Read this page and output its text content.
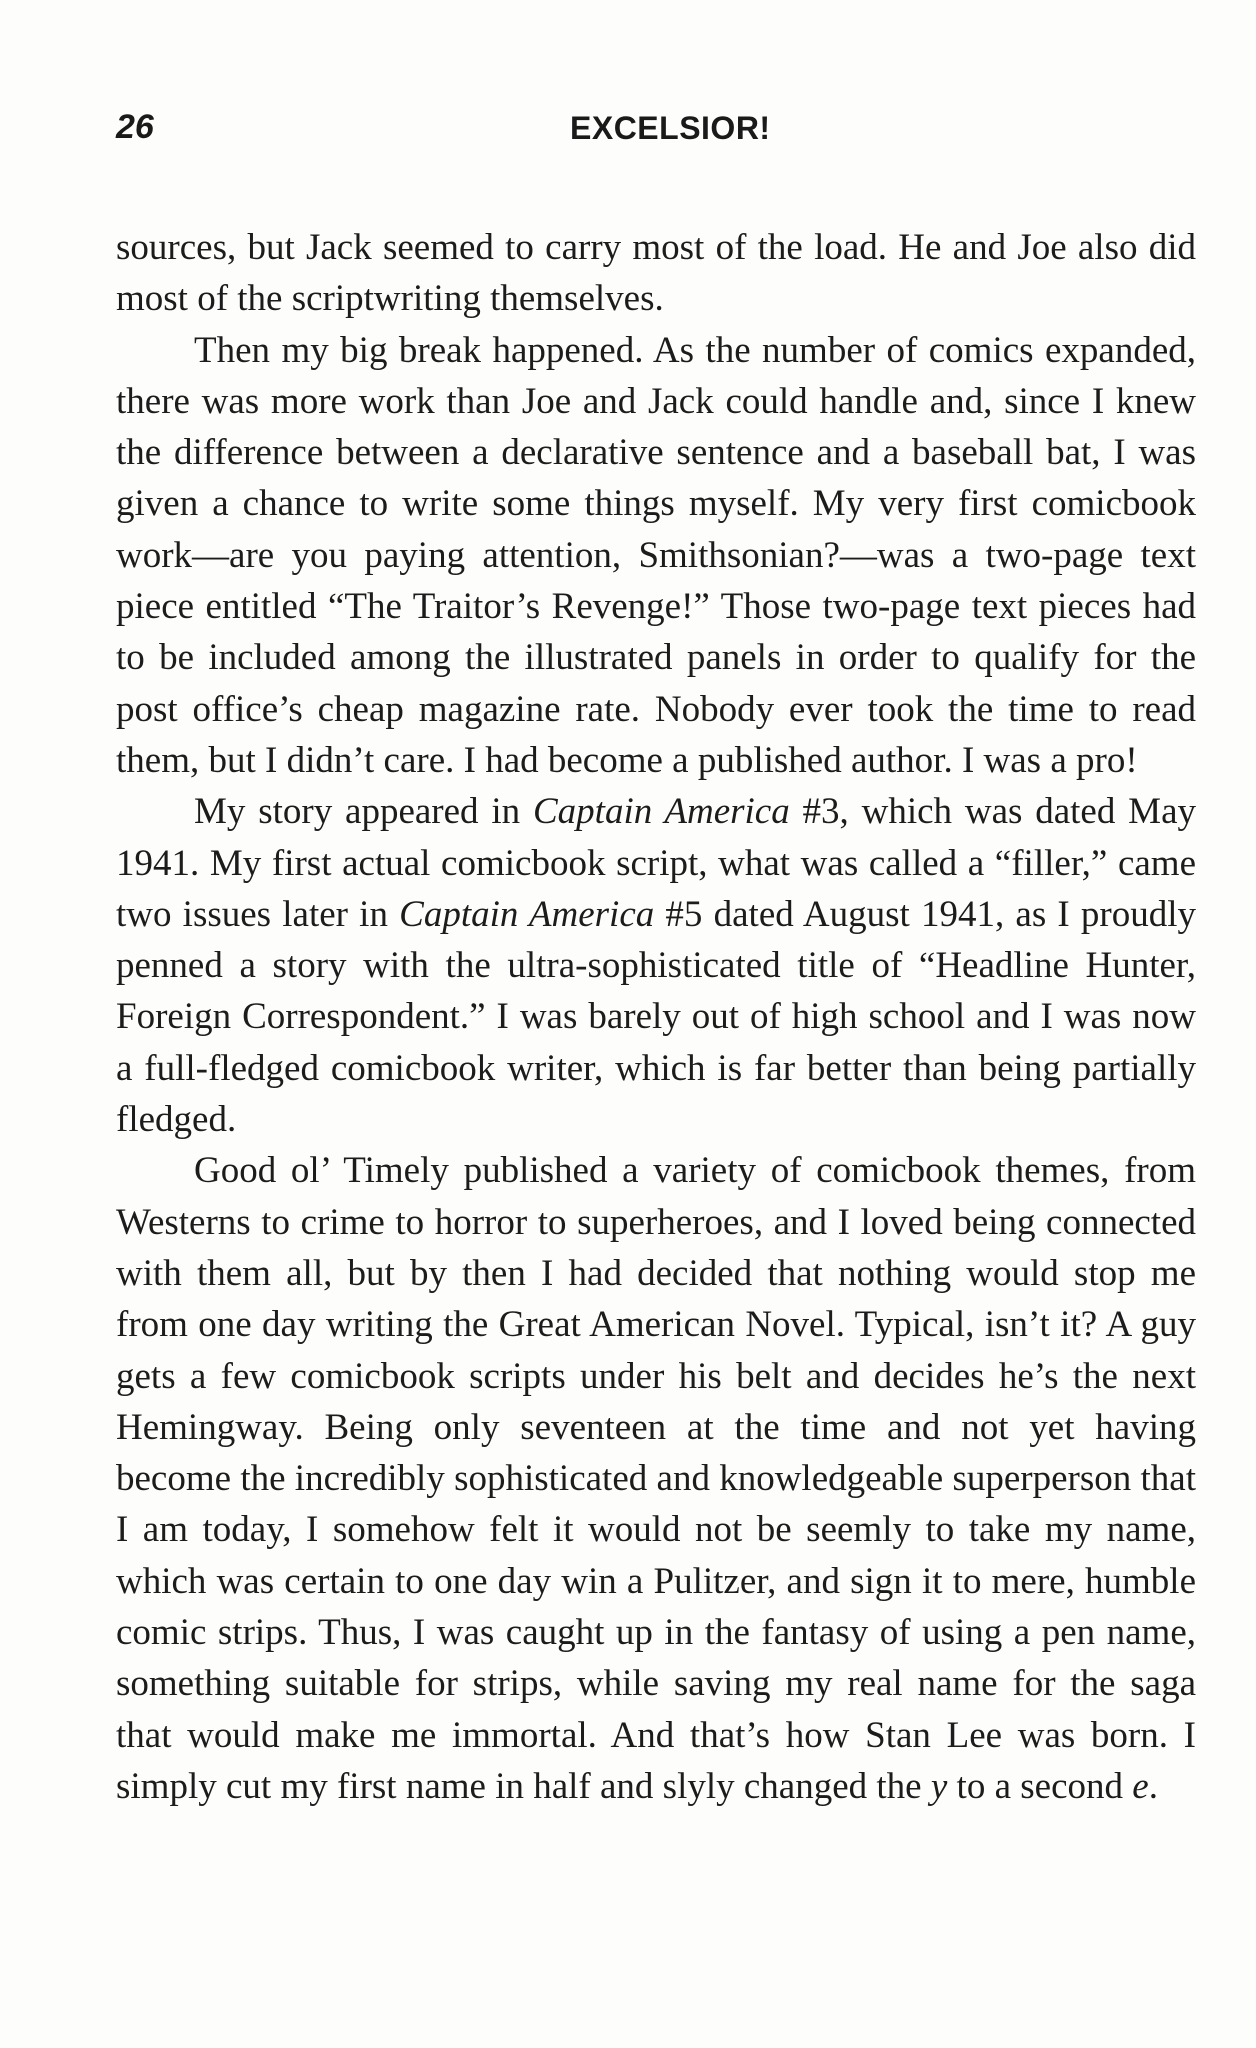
26	EXCELSIOR!

sources, but Jack seemed to carry most of the load. He and Joe also did most of the scriptwriting themselves.

Then my big break happened. As the number of comics expanded, there was more work than Joe and Jack could handle and, since I knew the difference between a declarative sentence and a baseball bat, I was given a chance to write some things myself. My very first comicbook work—are you paying attention, Smithsonian?—was a two-page text piece entitled “The Traitor’s Revenge!” Those two-page text pieces had to be included among the illustrated panels in order to qualify for the post office’s cheap magazine rate. Nobody ever took the time to read them, but I didn’t care. I had become a published author. I was a pro!

My story appeared in Captain America #3, which was dated May 1941. My first actual comicbook script, what was called a “filler,” came two issues later in Captain America #5 dated August 1941, as I proudly penned a story with the ultra-sophisticated title of “Headline Hunter, Foreign Correspondent.” I was barely out of high school and I was now a full-fledged comicbook writer, which is far better than being partially fledged.

Good ol’ Timely published a variety of comicbook themes, from Westerns to crime to horror to superheroes, and I loved being connected with them all, but by then I had decided that nothing would stop me from one day writing the Great American Novel. Typical, isn’t it? A guy gets a few comicbook scripts under his belt and decides he’s the next Hemingway. Being only seventeen at the time and not yet having become the incredibly sophisticated and knowledgeable superperson that I am today, I somehow felt it would not be seemly to take my name, which was certain to one day win a Pulitzer, and sign it to mere, humble comic strips. Thus, I was caught up in the fantasy of using a pen name, something suitable for strips, while saving my real name for the saga that would make me immortal. And that’s how Stan Lee was born. I simply cut my first name in half and slyly changed the y to a second e.
